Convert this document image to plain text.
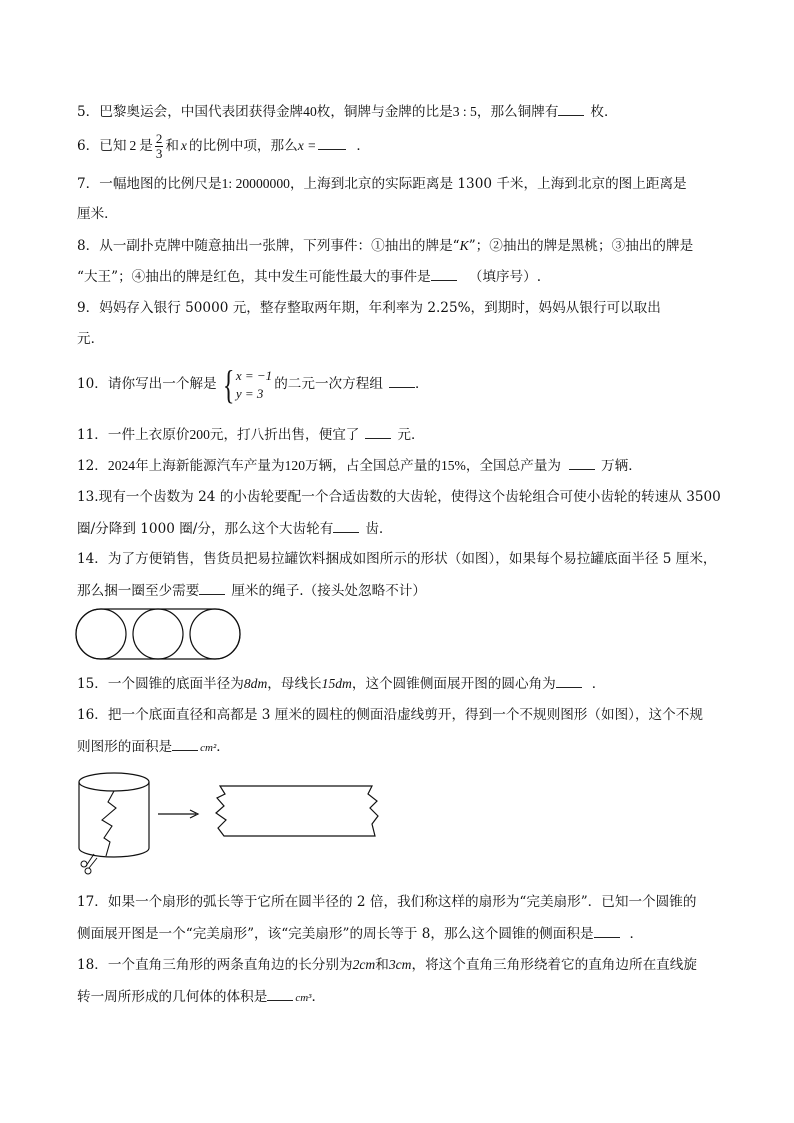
5．巴黎奥运会，中国代表团获得金牌40枚，铜牌与金牌的比是3 : 5，那么铜牌有 枚．
6．已知 2 是 $\frac{2}{3}$ 和 x 的比例中项，那么x =	．
7．一幅地图的比例尺是1: 20000000，上海到北京的实际距离是 1300 千米，上海到北京的图上距离是
厘米．
8．从一副扑克牌中随意抽出一张牌，下列事件：①抽出的牌是“K”；②抽出的牌是黑桃；③抽出的牌是
“大王”；④抽出的牌是红色，其中发生可能性最大的事件是	（填序号）.
9．妈妈存入银行 50000 元，整存整取两年期，年利率为 2.25%，到期时，妈妈从银行可以取出
元．
10．请你写出一个解是 { x = −1
y = 3
的二元一次方程组 ．
11．一件上衣原价200元，打八折出售，便宜了	元．
12．2024年上海新能源汽车产量为120万辆，占全国总产量的15%，全国总产量为	万辆．
13.现有一个齿数为 24 的小齿轮要配一个合适齿数的大齿轮，使得这个齿轮组合可使小齿轮的转速从 3500
圈/分降到 1000 圈/分，那么这个大齿轮有 齿.
14．为了方便销售，售货员把易拉罐饮料捆成如图所示的形状（如图），如果每个易拉罐底面半径 5 厘米，
那么捆一圈至少需要 厘米的绳子.（接头处忽略不计）
15．一个圆锥的底面半径为8dm，母线长15dm，这个圆锥侧面展开图的圆心角为	．
16．把一个底面直径和高都是 3 厘米的圆柱的侧面沿虚线剪开，得到一个不规则图形（如图），这个不规
则图形的面积是	cm²．
17．如果一个扇形的弧长等于它所在圆半径的 2 倍，我们称这样的扇形为“完美扇形”．已知一个圆锥的
侧面展开图是一个“完美扇形”，该“完美扇形”的周长等于 8，那么这个圆锥的侧面积是	．
18．一个直角三角形的两条直角边的长分别为2cm和3cm，将这个直角三角形绕着它的直角边所在直线旋
转一周所形成的几何体的体积是	cm³．
